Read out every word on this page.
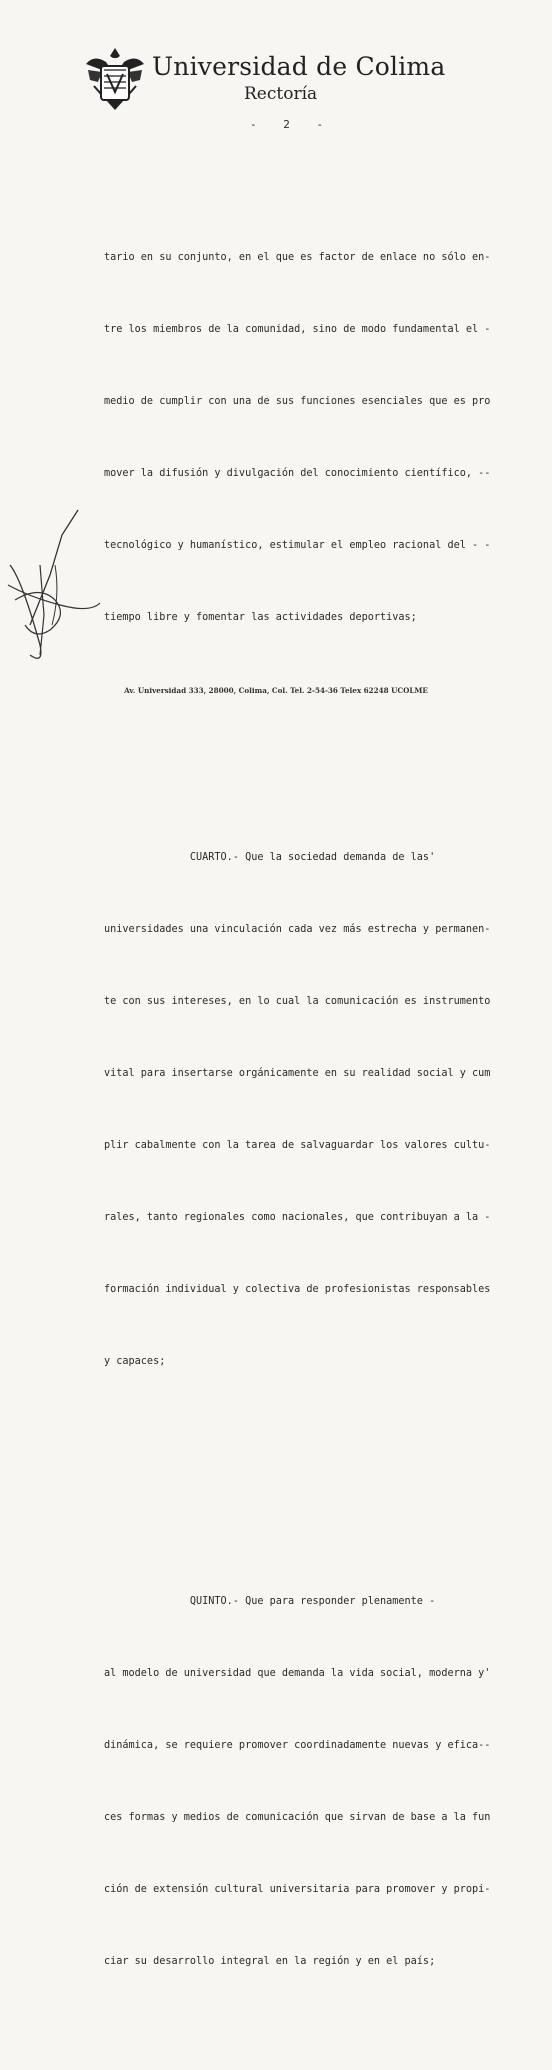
Universidad de Colima
Rectoría
- 2 -

tario en su conjunto, en el que es factor de enlace no sólo en-

tre los miembros de la comunidad, sino de modo fundamental el -

medio de cumplir con una de sus funciones esenciales que es pro

mover la difusión y divulgación del conocimiento científico, --

tecnológico y humanístico, estimular el empleo racional del - -

tiempo libre y fomentar las actividades deportivas;

CUARTO.- Que la sociedad demanda de las'

universidades una vinculación cada vez más estrecha y permanen-

te con sus intereses, en lo cual la comunicación es instrumento

vital para insertarse orgánicamente en su realidad social y cum

plir cabalmente con la tarea de salvaguardar los valores cultu-

rales, tanto regionales como nacionales, que contribuyan a la -

formación individual y colectiva de profesionistas responsables

y capaces;

QUINTO.- Que para responder plenamente -

al modelo de universidad que demanda la vida social, moderna y'

dinámica, se requiere promover coordinadamente nuevas y efica--

ces formas y medios de comunicación que sirvan de base a la fun

ción de extensión cultural universitaria para promover y propi-

ciar su desarrollo integral en la región y en el país;

Av. Universidad 333, 28000, Colima, Col. Tel. 2-54-36 Telex 62248 UCOLME
